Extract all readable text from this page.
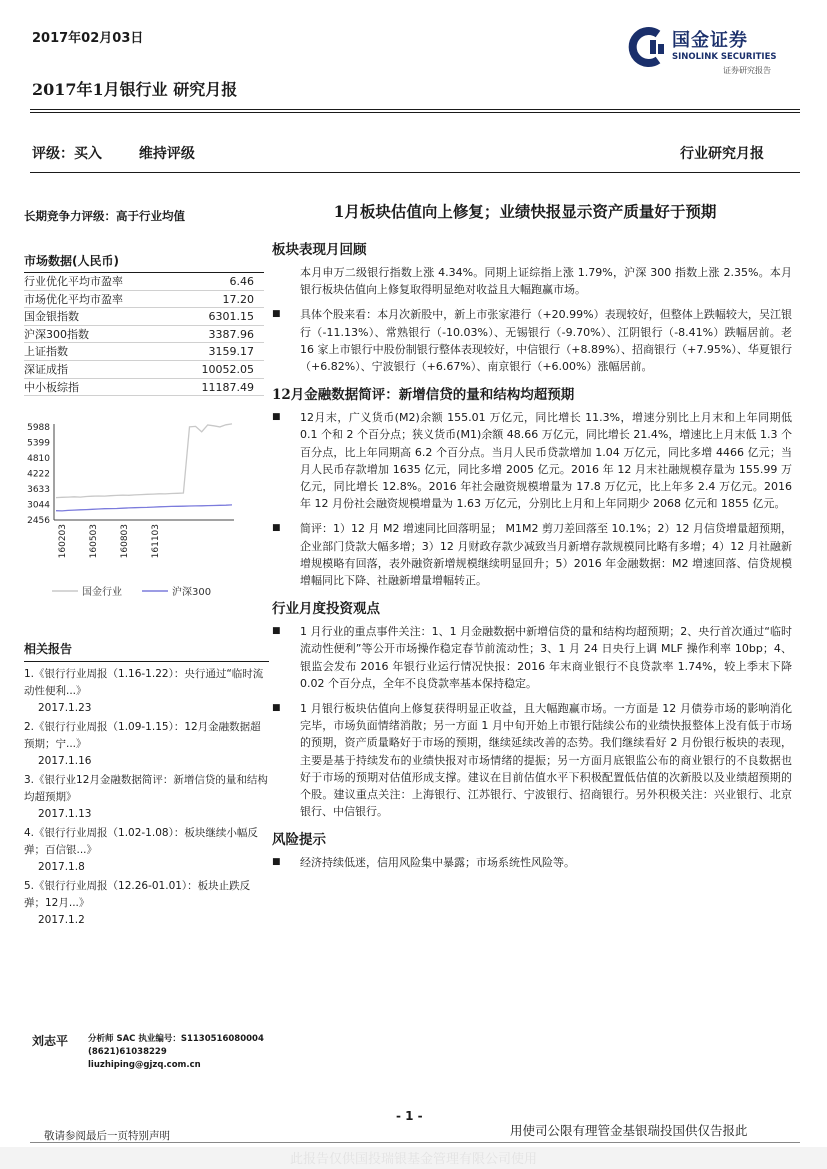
2017年02月03日	国金证券
SINOLINK SECURITIES
证券研究报告
2017年1月银行业 研究月报
评级：买入	维持评级	行业研究月报
长期竞争力评级：高于行业均值
市场数据(人民币)
行业优化平均市盈率	6.46
市场优化平均市盈率	17.20
国金银指数	6301.15
沪深300指数	3387.96
上证指数	3159.17
深证成指	10052.05
中小板综指	11187.49
5988
5399
4810
4222
3633
3044
2456
160203 160503 160803 161103
国金行业	沪深300
相关报告
1.《银行行业周报（1.16-1.22）：央行通过“临时流动性便利...》
2017.1.23
2.《银行行业周报（1.09-1.15）：12月金融数据超预期；宁...》
2017.1.16
3.《银行业12月金融数据简评：新增信贷的量和结构均超预期》
2017.1.13
4.《银行行业周报（1.02-1.08）：板块继续小幅反弹；百信银...》
2017.1.8
5.《银行行业周报（12.26-01.01）：板块止跌反弹；12月...》
2017.1.2
1月板块估值向上修复；业绩快报显示资产质量好于预期
板块表现月回顾
本月申万二级银行指数上涨 4.34%。同期上证综指上涨 1.79%，沪深 300 指数上涨 2.35%。本月银行板块估值向上修复取得明显绝对收益且大幅跑赢市场。
■ 具体个股来看：本月次新股中，新上市张家港行（+20.99%）表现较好，但整体上跌幅较大，吴江银行（-11.13%）、常熟银行（-10.03%）、无锡银行（-9.70%）、江阴银行（-8.41%）跌幅居前。老 16 家上市银行中股份制银行整体表现较好，中信银行（+8.89%）、招商银行（+7.95%）、华夏银行（+6.82%）、宁波银行（+6.67%）、南京银行（+6.00%）涨幅居前。
12月金融数据简评：新增信贷的量和结构均超预期
■ 12月末，广义货币(M2)余额 155.01 万亿元，同比增长 11.3%，增速分别比上月末和上年同期低 0.1 个和 2 个百分点；狭义货币(M1)余额 48.66 万亿元，同比增长 21.4%，增速比上月末低 1.3 个百分点，比上年同期高 6.2 个百分点。当月人民币贷款增加 1.04 万亿元，同比多增 4466 亿元；当月人民币存款增加 1635 亿元，同比多增 2005 亿元。2016 年 12 月末社融规模存量为 155.99 万亿元，同比增长 12.8%。2016 年社会融资规模增量为 17.8 万亿元，比上年多 2.4 万亿元。2016 年 12 月份社会融资规模增量为 1.63 万亿元，分别比上月和上年同期少 2068 亿元和 1855 亿元。
■ 简评：1）12 月 M2 增速同比回落明显； M1M2 剪刀差回落至 10.1%；2）12 月信贷增量超预期，企业部门贷款大幅多增；3）12 月财政存款少减致当月新增存款规模同比略有多增；4）12 月社融新增规模略有回落，表外融资新增规模继续明显回升；5）2016 年金融数据：M2 增速回落、信贷规模增幅同比下降、社融新增量增幅转正。
行业月度投资观点
■ 1 月行业的重点事件关注：1、1 月金融数据中新增信贷的量和结构均超预期；2、央行首次通过“临时流动性便利”等公开市场操作稳定春节前流动性；3、1 月 24 日央行上调 MLF 操作利率 10bp；4、银监会发布 2016 年银行业运行情况快报：2016 年末商业银行不良贷款率 1.74%，较上季末下降 0.02 个百分点，全年不良贷款率基本保持稳定。
■ 1 月银行板块估值向上修复获得明显正收益，且大幅跑赢市场。一方面是 12 月债券市场的影响消化完毕，市场负面情绪消散；另一方面 1 月中旬开始上市银行陆续公布的业绩快报整体上没有低于市场的预期，资产质量略好于市场的预期，继续延续改善的态势。我们继续看好 2 月份银行板块的表现，主要是基于持续发布的业绩快报对市场情绪的提振；另一方面月底银监公布的商业银行的不良数据也好于市场的预期对估值形成支撑。建议在目前估值水平下积极配置低估值的次新股以及业绩超预期的个股。建议重点关注：上海银行、江苏银行、宁波银行、招商银行。另外积极关注：兴业银行、北京银行、中信银行。
风险提示
■ 经济持续低迷，信用风险集中暴露；市场系统性风险等。
刘志平 分析师 SAC 执业编号：S1130516080004
(8621)61038229
liuzhiping@gjzq.com.cn
- 1 -
敬请参阅最后一页特别声明	用使司公限有理管金基银瑞投国供仅告报此
此报告仅供国投瑞银基金管理有限公司使用
